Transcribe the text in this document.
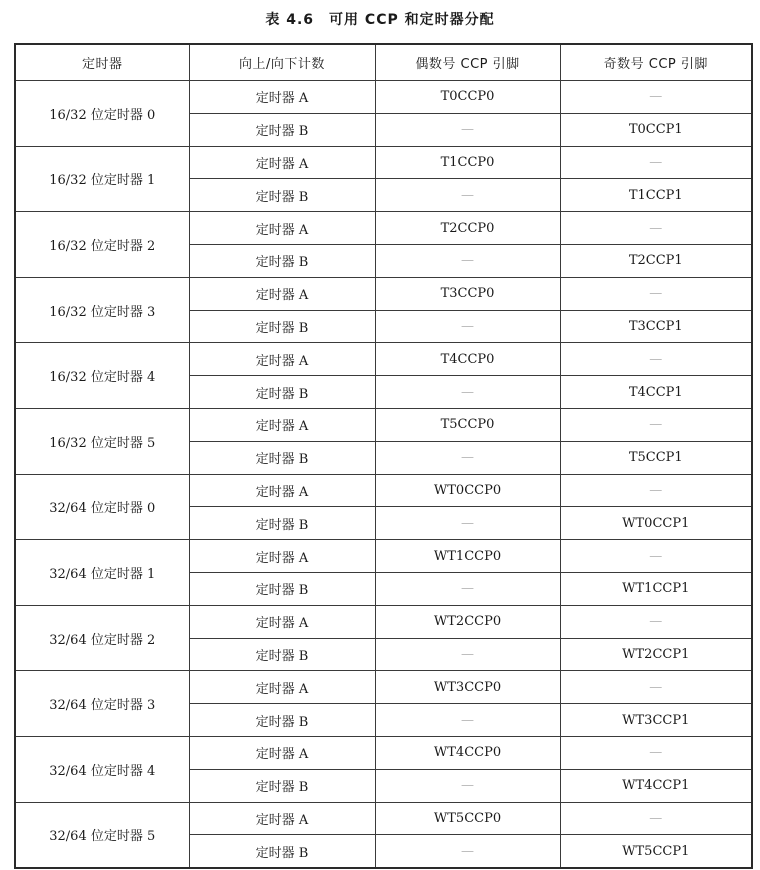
表 4.6　可用 CCP 和定时器分配
定时器	向上/向下计数	偶数号 CCP 引脚	奇数号 CCP 引脚
16/32 位定时器 0	定时器 A	T0CCP0	—
	定时器 B	—	T0CCP1
16/32 位定时器 1	定时器 A	T1CCP0	—
	定时器 B	—	T1CCP1
16/32 位定时器 2	定时器 A	T2CCP0	—
	定时器 B	—	T2CCP1
16/32 位定时器 3	定时器 A	T3CCP0	—
	定时器 B	—	T3CCP1
16/32 位定时器 4	定时器 A	T4CCP0	—
	定时器 B	—	T4CCP1
16/32 位定时器 5	定时器 A	T5CCP0	—
	定时器 B	—	T5CCP1
32/64 位定时器 0	定时器 A	WT0CCP0	—
	定时器 B	—	WT0CCP1
32/64 位定时器 1	定时器 A	WT1CCP0	—
	定时器 B	—	WT1CCP1
32/64 位定时器 2	定时器 A	WT2CCP0	—
	定时器 B	—	WT2CCP1
32/64 位定时器 3	定时器 A	WT3CCP0	—
	定时器 B	—	WT3CCP1
32/64 位定时器 4	定时器 A	WT4CCP0	—
	定时器 B	—	WT4CCP1
32/64 位定时器 5	定时器 A	WT5CCP0	—
	定时器 B	—	WT5CCP1
